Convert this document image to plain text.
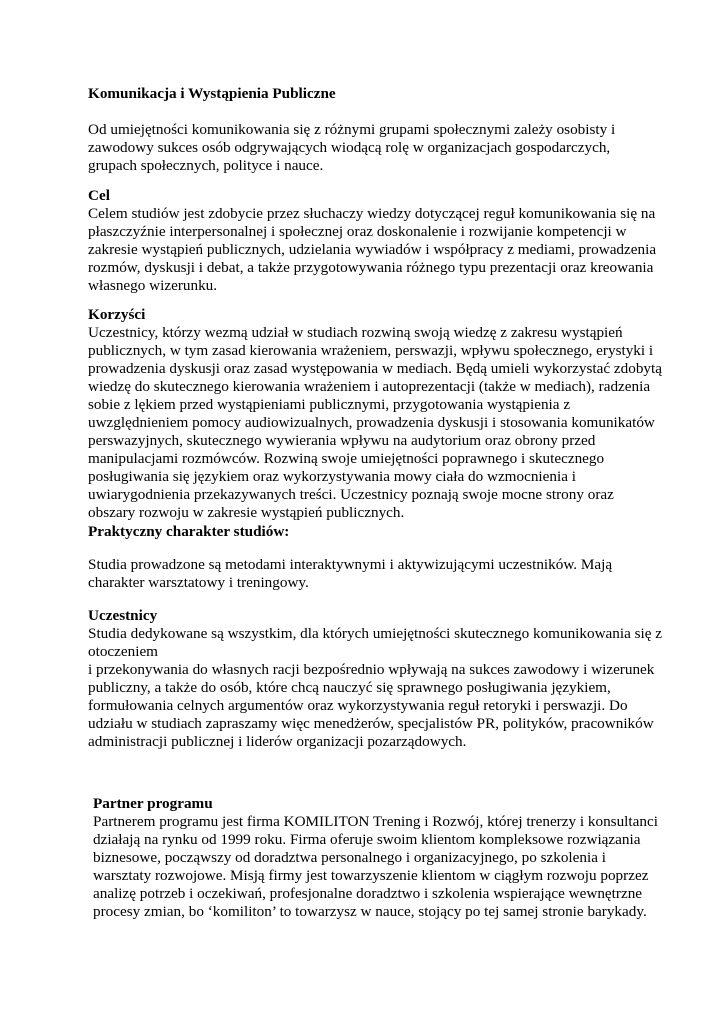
Komunikacja i Wystąpienia Publiczne
Od umiejętności komunikowania się z różnymi grupami społecznymi zależy osobisty i
zawodowy sukces osób odgrywających wiodącą rolę w organizacjach gospodarczych,
grupach społecznych, polityce i nauce.
Cel
Celem studiów jest zdobycie przez słuchaczy wiedzy dotyczącej reguł komunikowania się na
płaszczyźnie interpersonalnej i społecznej oraz doskonalenie i rozwijanie kompetencji w
zakresie wystąpień publicznych, udzielania wywiadów i współpracy z mediami, prowadzenia
rozmów, dyskusji i debat, a także przygotowywania różnego typu prezentacji oraz kreowania
własnego wizerunku.
Korzyści
Uczestnicy, którzy wezmą udział w studiach rozwiną swoją wiedzę z zakresu wystąpień
publicznych, w tym zasad kierowania wrażeniem, perswazji, wpływu społecznego, erystyki i
prowadzenia dyskusji oraz zasad występowania w mediach. Będą umieli wykorzystać zdobytą
wiedzę do skutecznego kierowania wrażeniem i autoprezentacji (także w mediach), radzenia
sobie z lękiem przed wystąpieniami publicznymi, przygotowania wystąpienia z
uwzględnieniem pomocy audiowizualnych, prowadzenia dyskusji i stosowania komunikatów
perswazyjnych, skutecznego wywierania wpływu na audytorium oraz obrony przed
manipulacjami rozmówców. Rozwiną swoje umiejętności poprawnego i skutecznego
posługiwania się językiem oraz wykorzystywania mowy ciała do wzmocnienia i
uwiarygodnienia przekazywanych treści. Uczestnicy poznają swoje mocne strony oraz
obszary rozwoju w zakresie wystąpień publicznych.
Praktyczny charakter studiów:
Studia prowadzone są metodami interaktywnymi i aktywizującymi uczestników. Mają
charakter warsztatowy i treningowy.
Uczestnicy
Studia dedykowane są wszystkim, dla których umiejętności skutecznego komunikowania się z
otoczeniem
i przekonywania do własnych racji bezpośrednio wpływają na sukces zawodowy i wizerunek
publiczny, a także do osób, które chcą nauczyć się sprawnego posługiwania językiem,
formułowania celnych argumentów oraz wykorzystywania reguł retoryki i perswazji. Do
udziału w studiach zapraszamy więc menedżerów, specjalistów PR, polityków, pracowników
administracji publicznej i liderów organizacji pozarządowych.
Partner programu
Partnerem programu jest firma KOMILITON Trening i Rozwój, której trenerzy i konsultanci
działają na rynku od 1999 roku. Firma oferuje swoim klientom kompleksowe rozwiązania
biznesowe, począwszy od doradztwa personalnego i organizacyjnego, po szkolenia i
warsztaty rozwojowe. Misją firmy jest towarzyszenie klientom w ciągłym rozwoju poprzez
analizę potrzeb i oczekiwań, profesjonalne doradztwo i szkolenia wspierające wewnętrzne
procesy zmian, bo ‘komiliton’ to towarzysz w nauce, stojący po tej samej stronie barykady.
